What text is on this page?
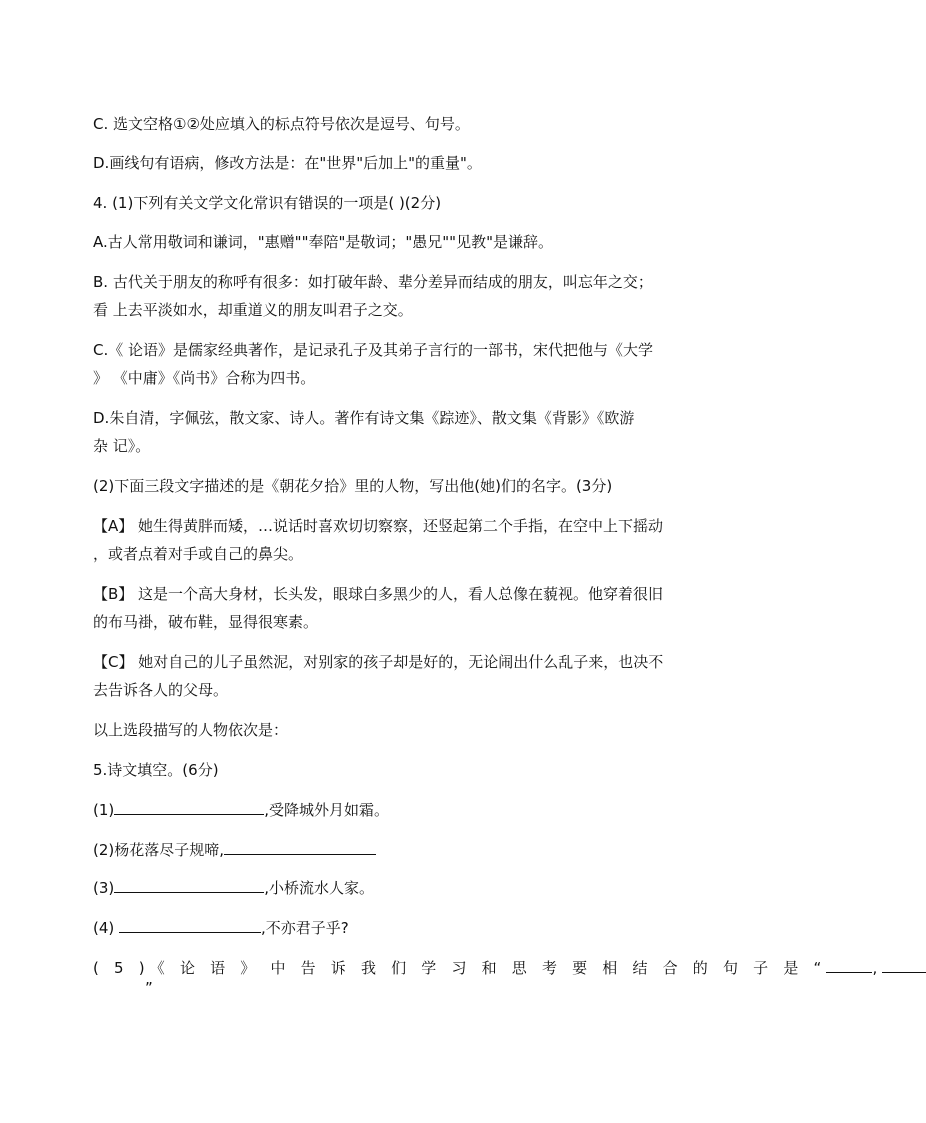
C. 选文空格①②处应填入的标点符号依次是逗号、句号。
D.画线句有语病，修改方法是：在"世界"后加上"的重量"。
4. (1)下列有关文学文化常识有错误的一项是( )(2分)
A.古人常用敬词和谦词，"惠赠""奉陪"是敬词；"愚兄""见教"是谦辞。
B. 古代关于朋友的称呼有很多：如打破年龄、辈分差异而结成的朋友，叫忘年之交；
看 上去平淡如水，却重道义的朋友叫君子之交。
C.《 论语》是儒家经典著作，是记录孔子及其弟子言行的一部书，宋代把他与《大学
》 《中庸》《尚书》合称为四书。
D.朱自清，字佩弦，散文家、诗人。著作有诗文集《踪迹》、散文集《背影》《欧游
杂 记》。
(2)下面三段文字描述的是《朝花夕拾》里的人物，写出他(她)们的名字。(3分)
【A】 她生得黄胖而矮，…说话时喜欢切切察察，还竖起第二个手指，在空中上下摇动
，或者点着对手或自己的鼻尖。
【B】 这是一个高大身材，长头发，眼球白多黑少的人，看人总像在藐视。他穿着很旧
的布马褂，破布鞋，显得很寒素。
【C】 她对自己的儿子虽然泥，对别家的孩子却是好的，无论闹出什么乱子来，也决不
去告诉各人的父母。
以上选段描写的人物依次是：
5.诗文填空。(6分)
(1)	,受降城外月如霜。
(2)杨花落尽子规啼,
(3)	,小桥流水人家。
(4)	,不亦君子乎?
( 5 )《 论 语 》 中 告 诉 我 们 学 习 和 思 考 要 相 结 合 的 句 子 是 “	,
”
